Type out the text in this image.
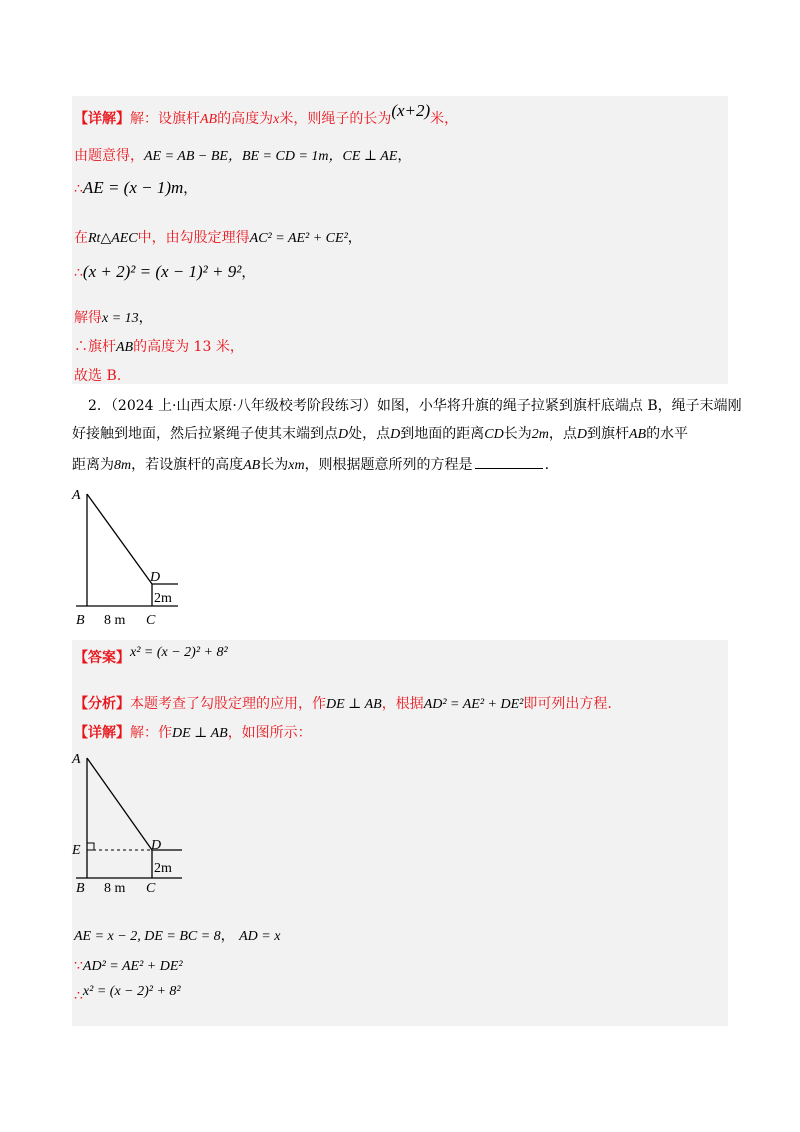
【详解】解：设旗杆AB的高度为x米，则绳子的长为(x+2)米，
由题意得，AE = AB − BE，BE = CD = 1m，CE ⊥ AE，
∴AE = (x − 1)m，
在Rt△AEC中，由勾股定理得AC² = AE² + CE²，
∴(x + 2)² = (x − 1)² + 9²，
解得x = 13，
∴旗杆AB的高度为 13 米，
故选 B.
2．（2024 上·山西太原·八年级校考阶段练习）如图，小华将升旗的绳子拉紧到旗杆底端点 B，绳子末端刚
好接触到地面，然后拉紧绳子使其末端到点D处，点D到地面的距离CD长为2m，点D到旗杆AB的水平
距离为8m，若设旗杆的高度AB长为xm，则根据题意所列的方程是	.
A
D
2m
B 8 m C
【答案】x² = (x − 2)² + 8²
【分析】本题考查了勾股定理的应用，作DE ⊥ AB，根据AD² = AE² + DE²即可列出方程.
【详解】解：作DE ⊥ AB，如图所示：
A
E	D
2m
B 8 m C
AE = x − 2, DE = BC = 8， AD = x
∵AD² = AE² + DE²
∴x² = (x − 2)² + 8²
